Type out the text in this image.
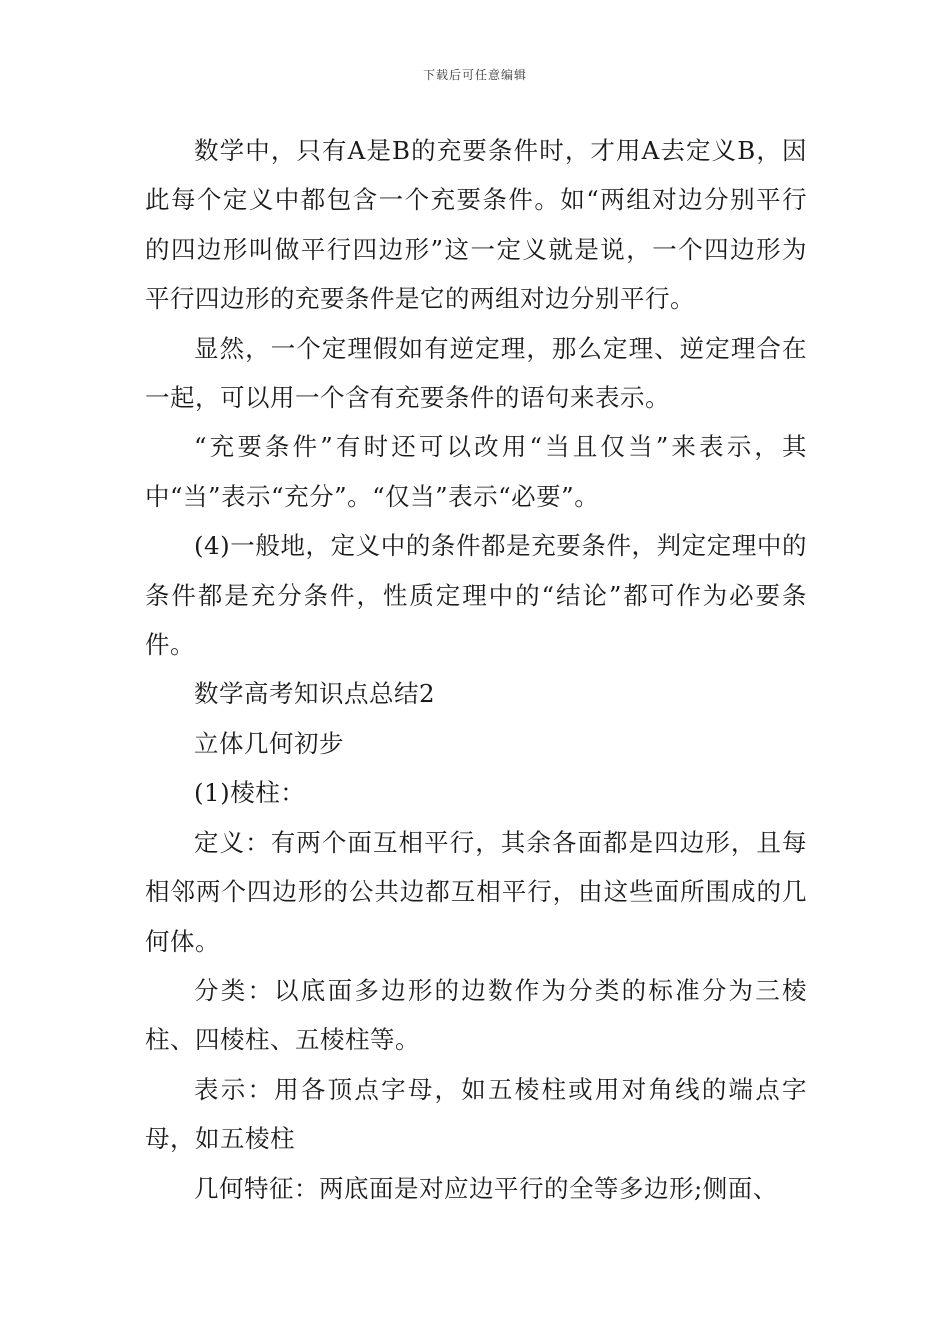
下载后可任意编辑

数学中，只有A是B的充要条件时，才用A去定义B，因此每个定义中都包含一个充要条件。如“两组对边分别平行的四边形叫做平行四边形”这一定义就是说，一个四边形为平行四边形的充要条件是它的两组对边分别平行。

显然，一个定理假如有逆定理，那么定理、逆定理合在一起，可以用一个含有充要条件的语句来表示。

“充要条件”有时还可以改用“当且仅当”来表示，其中“当”表示“充分”。“仅当”表示“必要”。

(4)一般地，定义中的条件都是充要条件，判定定理中的条件都是充分条件，性质定理中的“结论”都可作为必要条件。

数学高考知识点总结2

立体几何初步

(1)棱柱：

定义：有两个面互相平行，其余各面都是四边形，且每相邻两个四边形的公共边都互相平行，由这些面所围成的几何体。

分类：以底面多边形的边数作为分类的标准分为三棱柱、四棱柱、五棱柱等。

表示：用各顶点字母，如五棱柱或用对角线的端点字母，如五棱柱

几何特征：两底面是对应边平行的全等多边形;侧面、
